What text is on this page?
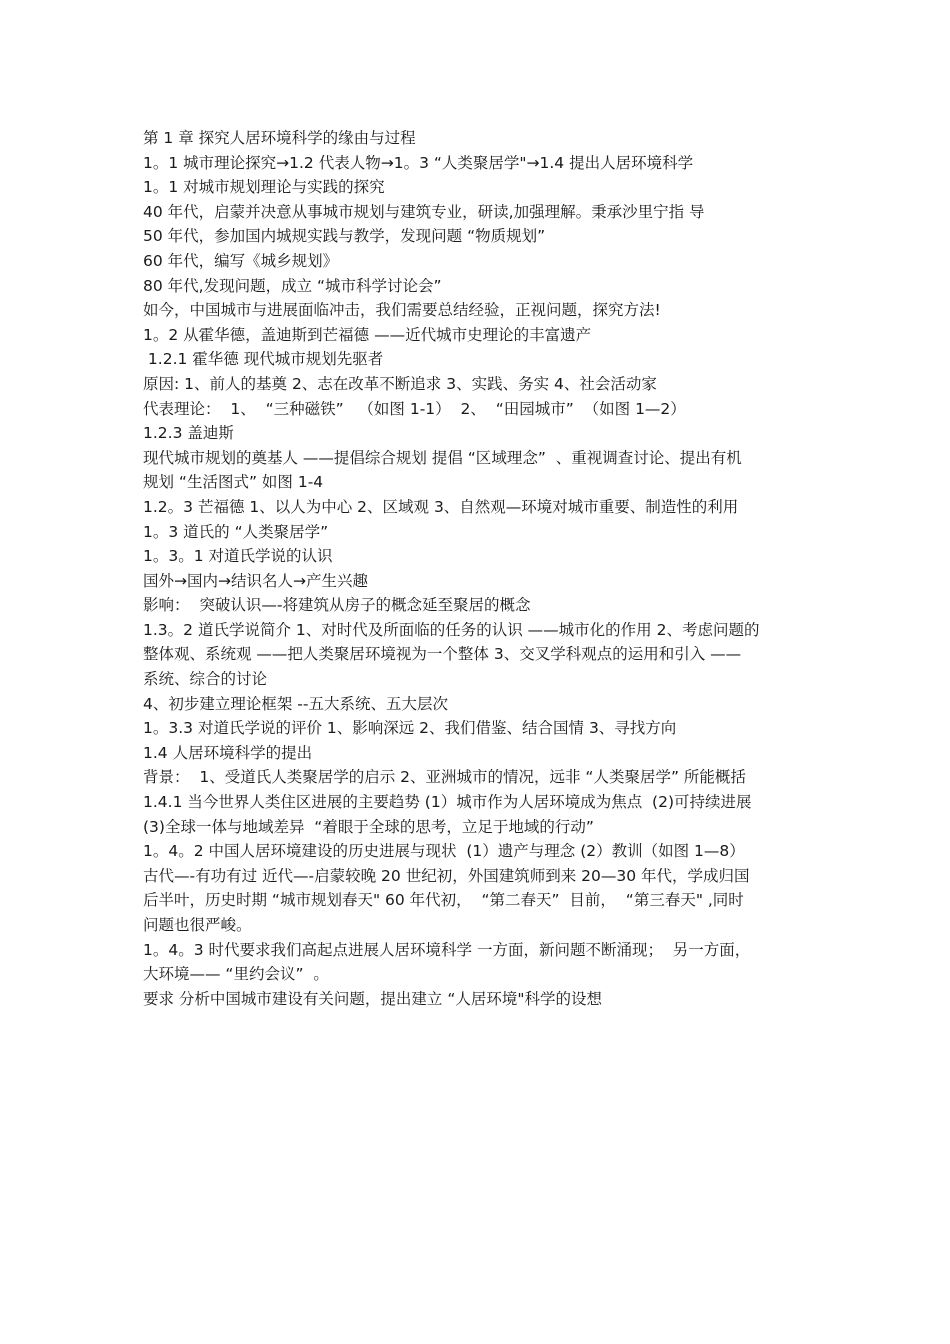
第 1 章 探究人居环境科学的缘由与过程

1。1 城市理论探究→1.2 代表人物→1。3 “人类聚居学"→1.4 提出人居环境科学

1。1 对城市规划理论与实践的探究

40 年代，启蒙并决意从事城市规划与建筑专业，研读,加强理解。秉承沙里宁指 导

50 年代，参加国内城规实践与教学，发现问题 “物质规划”

60 年代，编写《城乡规划》

80 年代,发现问题，成立 “城市科学讨论会”

如今，中国城市与进展面临冲击，我们需要总结经验，正视问题，探究方法!

1。2 从霍华德，盖迪斯到芒福德 ——近代城市史理论的丰富遗产

1.2.1 霍华德 现代城市规划先驱者

原因: 1、前人的基奠 2、志在改革不断追求 3、实践、务实 4、社会活动家

代表理论：  1、  “三种磁铁”   （如图 1-1）  2、  “田园城市”  （如图 1—2）

1.2.3 盖迪斯

现代城市规划的奠基人 ——提倡综合规划 提倡 “区域理念”  、重视调查讨论、提出有机

规划 “生活图式” 如图 1-4

1.2。3 芒福德 1、以人为中心 2、区域观 3、自然观—环境对城市重要、制造性的利用

1。3 道氏的 “人类聚居学”

1。3。1 对道氏学说的认识

国外→国内→结识名人→产生兴趣

影响：  突破认识—-将建筑从房子的概念延至聚居的概念

1.3。2 道氏学说简介 1、对时代及所面临的任务的认识 ——城市化的作用 2、考虑问题的

整体观、系统观 ——把人类聚居环境视为一个整体 3、交叉学科观点的运用和引入 ——

系统、综合的讨论

4、初步建立理论框架 --五大系统、五大层次

1。3.3 对道氏学说的评价 1、影响深远 2、我们借鉴、结合国情 3、寻找方向

1.4 人居环境科学的提出

背景：  1、受道氏人类聚居学的启示 2、亚洲城市的情况，远非 “人类聚居学” 所能概括

1.4.1 当今世界人类住区进展的主要趋势 (1）城市作为人居环境成为焦点  (2)可持续进展

(3)全球一体与地域差异  “着眼于全球的思考，立足于地域的行动”

1。4。2 中国人居环境建设的历史进展与现状  (1）遗产与理念 (2）教训（如图 1—8）

古代—-有功有过 近代—-启蒙较晚 20 世纪初，外国建筑师到来 20—30 年代，学成归国

后半叶，历史时期 “城市规划春天" 60 年代初，  “第二春天”  目前，  “第三春天" ,同时

问题也很严峻。

1。4。3 时代要求我们高起点进展人居环境科学 一方面，新问题不断涌现；  另一方面，

大环境—— “里约会议”  。

要求 分析中国城市建设有关问题，提出建立 “人居环境"科学的设想
